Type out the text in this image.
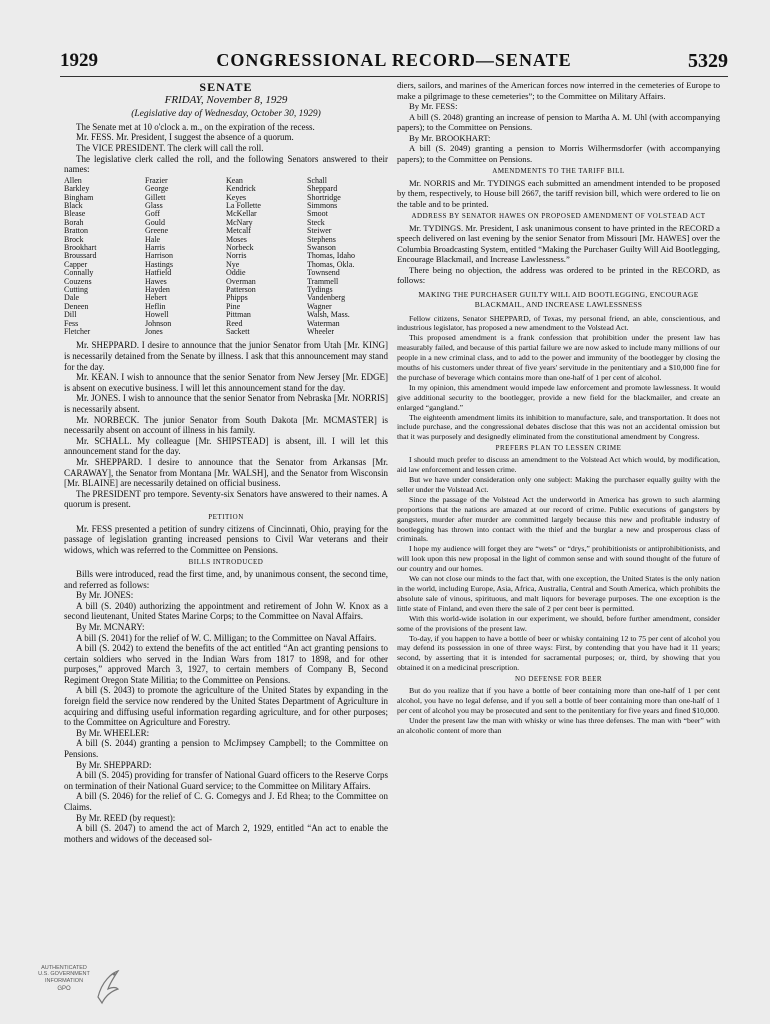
1929	CONGRESSIONAL RECORD—SENATE	5329
SENATE
FRIDAY, November 8, 1929
(Legislative day of Wednesday, October 30, 1929)

The Senate met at 10 o'clock a. m., on the expiration of the recess.

Mr. FESS. Mr. President, I suggest the absence of a quorum.

The VICE PRESIDENT. The clerk will call the roll.

The legislative clerk called the roll, and the following Senators answered to their names:

Allen	Frazier	Kean	Schall
Barkley	George	Kendrick	Sheppard
Bingham	Gillett	Keyes	Shortridge
Black	Glass	La Follette	Simmons
Blease	Goff	McKellar	Smoot
Borah	Gould	McNary	Steck
Bratton	Greene	Metcalf	Steiwer
Brock	Hale	Moses	Stephens
Brookhart	Harris	Norbeck	Swanson
Broussard	Harrison	Norris	Thomas, Idaho
Capper	Hastings	Nye	Thomas, Okla.
Connally	Hatfield	Oddie	Townsend
Couzens	Hawes	Overman	Trammell
Cutting	Hayden	Patterson	Tydings
Dale	Hebert	Phipps	Vandenberg
Deneen	Heflin	Pine	Wagner
Dill	Howell	Pittman	Walsh, Mass.
Fess	Johnson	Reed	Waterman
Fletcher	Jones	Sackett	Wheeler

Mr. SHEPPARD. I desire to announce that the junior Senator from Utah [Mr. KING] is necessarily detained from the Senate by illness. I ask that this announcement may stand for the day.

Mr. KEAN. I wish to announce that the senior Senator from New Jersey [Mr. EDGE] is absent on executive business. I will let this announcement stand for the day.

Mr. JONES. I wish to announce that the senior Senator from Nebraska [Mr. NORRIS] is necessarily absent.

Mr. NORBECK. The junior Senator from South Dakota [Mr. MCMASTER] is necessarily absent on account of illness in his family.

Mr. SCHALL. My colleague [Mr. SHIPSTEAD] is absent, ill. I will let this announcement stand for the day.

Mr. SHEPPARD. I desire to announce that the Senator from Arkansas [Mr. CARAWAY], the Senator from Montana [Mr. WALSH], and the Senator from Wisconsin [Mr. BLAINE] are necessarily detained on official business.

The PRESIDENT pro tempore. Seventy-six Senators have answered to their names. A quorum is present.

PETITION

Mr. FESS presented a petition of sundry citizens of Cincinnati, Ohio, praying for the passage of legislation granting increased pensions to Civil War veterans and their widows, which was referred to the Committee on Pensions.

BILLS INTRODUCED

Bills were introduced, read the first time, and, by unanimous consent, the second time, and referred as follows:

By Mr. JONES:

A bill (S. 2040) authorizing the appointment and retirement of John W. Knox as a second lieutenant, United States Marine Corps; to the Committee on Naval Affairs.

By Mr. MCNARY:

A bill (S. 2041) for the relief of W. C. Milligan; to the Committee on Naval Affairs.

A bill (S. 2042) to extend the benefits of the act entitled “An act granting pensions to certain soldiers who served in the Indian Wars from 1817 to 1898, and for other purposes,” approved March 3, 1927, to certain members of Company B, Second Regiment Oregon State Militia; to the Committee on Pensions.

A bill (S. 2043) to promote the agriculture of the United States by expanding in the foreign field the service now rendered by the United States Department of Agriculture in acquiring and diffusing useful information regarding agriculture, and for other purposes; to the Committee on Agriculture and Forestry.

By Mr. WHEELER:

A bill (S. 2044) granting a pension to McJimpsey Campbell; to the Committee on Pensions.

By Mr. SHEPPARD:

A bill (S. 2045) providing for transfer of National Guard officers to the Reserve Corps on termination of their National Guard service; to the Committee on Military Affairs.

A bill (S. 2046) for the relief of C. G. Comegys and J. Ed Rhea; to the Committee on Claims.

By Mr. REED (by request):

A bill (S. 2047) to amend the act of March 2, 1929, entitled “An act to enable the mothers and widows of the deceased sol-

diers, sailors, and marines of the American forces now interred in the cemeteries of Europe to make a pilgrimage to these cemeteries”; to the Committee on Military Affairs.

By Mr. FESS:

A bill (S. 2048) granting an increase of pension to Martha A. M. Uhl (with accompanying papers); to the Committee on Pensions.

By Mr. BROOKHART:

A bill (S. 2049) granting a pension to Morris Wilhermsdorfer (with accompanying papers); to the Committee on Pensions.

AMENDMENTS TO THE TARIFF BILL

Mr. NORRIS and Mr. TYDINGS each submitted an amendment intended to be proposed by them, respectively, to House bill 2667, the tariff revision bill, which were ordered to lie on the table and to be printed.

ADDRESS BY SENATOR HAWES ON PROPOSED AMENDMENT OF VOLSTEAD ACT

Mr. TYDINGS. Mr. President, I ask unanimous consent to have printed in the RECORD a speech delivered on last evening by the senior Senator from Missouri [Mr. HAWES] over the Columbia Broadcasting System, entitled “Making the Purchaser Guilty Will Aid Bootlegging, Encourage Blackmail, and Increase Lawlessness.”

There being no objection, the address was ordered to be printed in the RECORD, as follows:

MAKING THE PURCHASER GUILTY WILL AID BOOTLEGGING, ENCOURAGE BLACKMAIL, AND INCREASE LAWLESSNESS

Fellow citizens, Senator SHEPPARD, of Texas, my personal friend, an able, conscientious, and industrious legislator, has proposed a new amendment to the Volstead Act.

This proposed amendment is a frank confession that prohibition under the present law has measurably failed, and because of this partial failure we are now asked to include many millions of our people in a new criminal class, and to add to the power and immunity of the bootlegger by closing the mouths of his customers under threat of five years' servitude in the penitentiary and a $10,000 fine for the purchase of beverage which contains more than one-half of 1 per cent of alcohol.

In my opinion, this amendment would impede law enforcement and promote lawlessness. It would give additional security to the bootlegger, provide a new field for the blackmailer, and create an enlarged “gangland.”

The eighteenth amendment limits its inhibition to manufacture, sale, and transportation. It does not include purchase, and the congressional debates disclose that this was not an accidental omission but that it was purposely and designedly eliminated from the constitutional amendment by Congress.

PREFERS PLAN TO LESSEN CRIME

I should much prefer to discuss an amendment to the Volstead Act which would, by modification, aid law enforcement and lessen crime.

But we have under consideration only one subject: Making the purchaser equally guilty with the seller under the Volstead Act.

Since the passage of the Volstead Act the underworld in America has grown to such alarming proportions that the nations are amazed at our record of crime. Public executions of gangsters by gangsters, murder after murder are committed largely because this new and profitable industry of bootlegging has thrown into contact with the thief and the burglar a new and prosperous class of criminals.

I hope my audience will forget they are “wets” or “drys,” prohibitionists or antiprohibitionists, and will look upon this new proposal in the light of common sense and with sound thought of the future of our country and our homes.

We can not close our minds to the fact that, with one exception, the United States is the only nation in the world, including Europe, Asia, Africa, Australia, Central and South America, which prohibits the absolute sale of vinous, spirituous, and malt liquors for beverage purposes. The one exception is the little state of Finland, and even there the sale of 2 per cent beer is permitted.

With this world-wide isolation in our experiment, we should, before further amendment, consider some of the provisions of the present law.

To-day, if you happen to have a bottle of beer or whisky containing 12 to 75 per cent of alcohol you may defend its possession in one of three ways: First, by contending that you have had it 11 years; second, by asserting that it is intended for sacramental purposes; or, third, by showing that you obtained it on a medicinal prescription.

NO DEFENSE FOR BEER

But do you realize that if you have a bottle of beer containing more than one-half of 1 per cent alcohol, you have no legal defense, and if you sell a bottle of beer containing more than one-half of 1 per cent of alcohol you may be prosecuted and sent to the penitentiary for five years and fined $10,000.

Under the present law the man with whisky or wine has three defenses. The man with “beer” with an alcoholic content of more than

AUTHENTICATED
U.S. GOVERNMENT
INFORMATION
GPO
